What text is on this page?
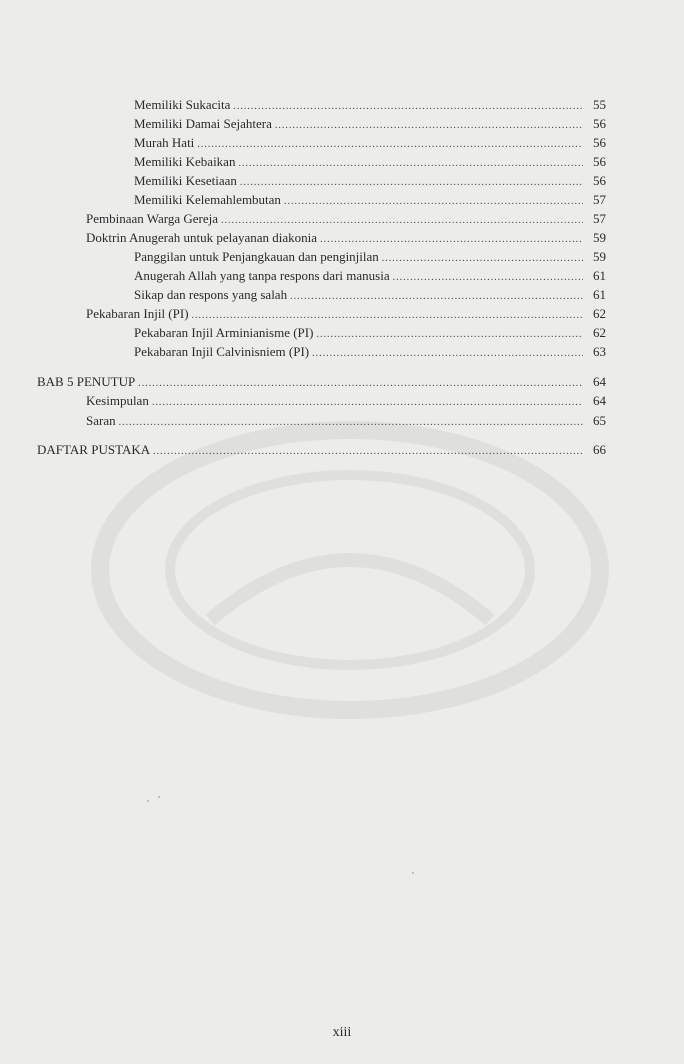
Memiliki Sukacita .....	55
Memiliki Damai Sejahtera .....	56
Murah Hati .....	56
Memiliki Kebaikan .....	56
Memiliki Kesetiaan .....	56
Memiliki Kelemahlembutan .....	57
Pembinaan Warga Gereja .....	57
Doktrin Anugerah untuk pelayanan diakonia .....	59
Panggilan untuk Penjangkauan dan penginjilan .....	59
Anugerah Allah yang tanpa respons dari manusia .....	61
Sikap dan respons yang salah .....	61
Pekabaran Injil (PI) .....	62
Pekabaran Injil Arminianisme (PI) .....	62
Pekabaran Injil Calvinisniem (PI) .....	63
BAB 5 PENUTUP .....	64
Kesimpulan .....	64
Saran .....	65
DAFTAR PUSTAKA .....	66
xiii
